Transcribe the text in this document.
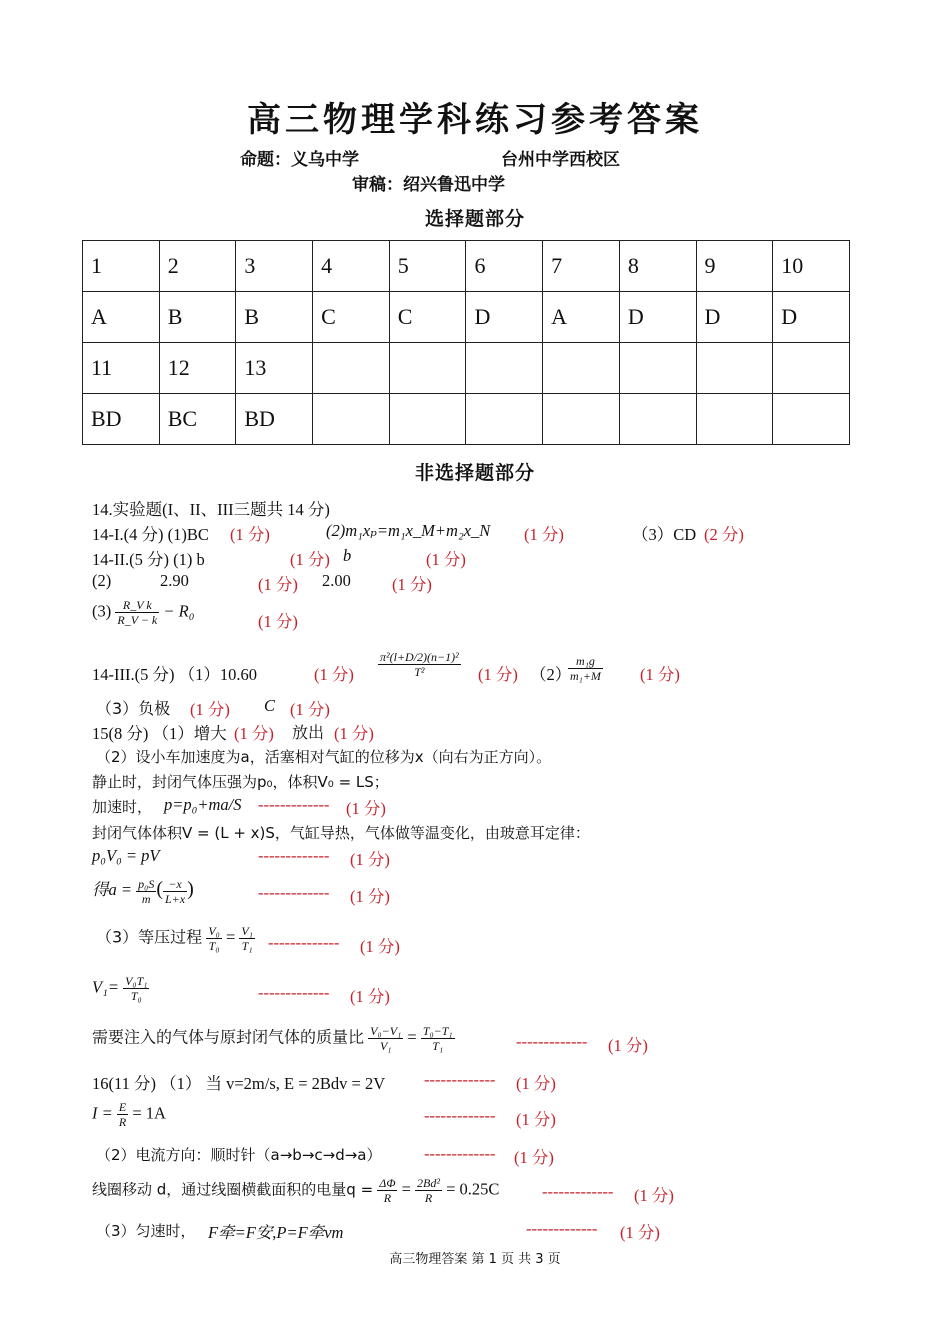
高三物理学科练习参考答案
命题：义乌中学	台州中学西校区
审稿：绍兴鲁迅中学
选择题部分
1	2	3	4	5	6	7	8	9	10
A	B	B	C	C	D	A	D	D	D
11	12	13							
BD	BC	BD							
非选择题部分
14.实验题(I、II、III三题共 14 分)
14-I.(4 分) (1)BC (1 分)	(2)m₁xₚ=m₁x_M+m₂x_N (1 分)	（3）CD (2 分)
14-II.(5 分) (1) b	(1 分) b	(1 分)
(2)	2.90	(1 分) 2.00 (1 分)
$(3) \frac{\text{R\_V k}}{R\_V - k} - R_0$
(1 分)
14-III.(5 分) （1）10.60	(1 分) $\frac{\text{π²(l+D/2)(n−1)²}}{\text{T²}} (1$ 分) （2）
$\frac{\text{m₁g}}{\text{m₁+M}} (1$ 分)
（3）负极 (1 分) C (1 分)
15(8 分) （1）增大 (1 分) 放出 (1 分)
（2）设小车加速度为a，活塞相对气缸的位移为x（向右为正方向）。
静止时，封闭气体压强为p₀，体积V₀ = LS；
加速时， p=p₀+ma/S ------------- (1 分)
封闭气体体积V = (L + x)S，气缸导热，气体做等温变化，由玻意耳定律：
p₀V₀ = pV	------------- (1 分)
得$a = \frac{\text{p₀S}}{m}$ ( $\frac{-x}{L+x}$ )	------------- (1 分)
（3）等压过程 $\frac{\text{V₀}}{\text{T₀}} = \frac{\text{V₁}}{\text{T₁}}$ ------------- (1 分)
$V_1= \frac{\text{V₀T₁}}{\text{T₀}}$	------------- (1 分)
需要注入的气体与原封闭气体的质量比 $\frac{\text{V₀−V₁}}{\text{V₁}} = \frac{\text{T₀−T₁}}{\text{T₁}}$	------------- (1 分)
16(11 分) （1） 当 v=2m/s, E = 2Bdv = 2V ------------- (1 分)
$I = \frac{E}{R} = 1A$	------------- (1 分)
（2）电流方向：顺时针（a→b→c→d→a）	------------- (1 分)
线圈移动 d，通过线圈横截面积的电量$q = \frac{\Delta\Phi}{R} = \frac{\text{2Bd²}}{R} = 0.25C$	------------- (1 分)
（3）匀速时， F牵=F安,P=F牵vm	------------- (1 分)
高三物理答案 第 1 页 共 3 页
